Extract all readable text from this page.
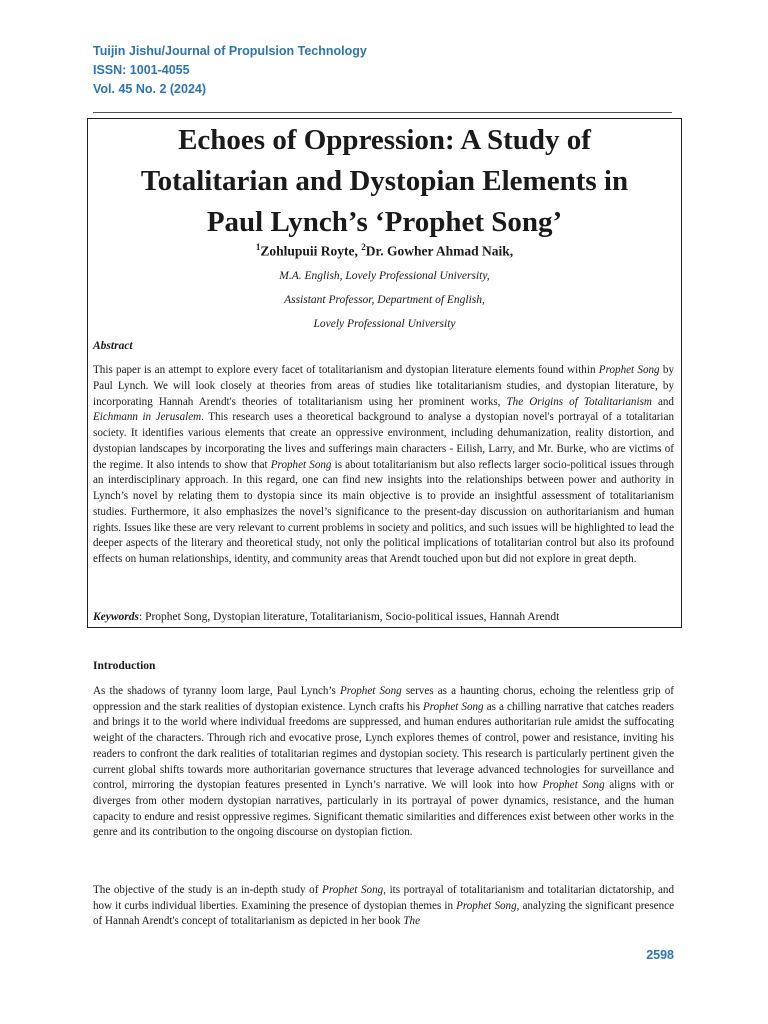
Tuijin Jishu/Journal of Propulsion Technology
ISSN: 1001-4055
Vol. 45 No. 2 (2024)
Echoes of Oppression: A Study of
Totalitarian and Dystopian Elements in
Paul Lynch’s ‘Prophet Song’
$^1$Zohlupuii Royte, $^2$Dr. Gowher Ahmad Naik,
M.A. English, Lovely Professional University,
Assistant Professor, Department of English,
Lovely Professional University
Abstract
This paper is an attempt to explore every facet of totalitarianism and dystopian literature elements found within Prophet Song by Paul Lynch. We will look closely at theories from areas of studies like totalitarianism studies, and dystopian literature, by incorporating Hannah Arendt's theories of totalitarianism using her prominent works, The Origins of Totalitarianism and Eichmann in Jerusalem. This research uses a theoretical background to analyse a dystopian novel's portrayal of a totalitarian society. It identifies various elements that create an oppressive environment, including dehumanization, reality distortion, and dystopian landscapes by incorporating the lives and sufferings main characters - Eilish, Larry, and Mr. Burke, who are victims of the regime. It also intends to show that Prophet Song is about totalitarianism but also reflects larger socio-political issues through an interdisciplinary approach. In this regard, one can find new insights into the relationships between power and authority in Lynch’s novel by relating them to dystopia since its main objective is to provide an insightful assessment of totalitarianism studies. Furthermore, it also emphasizes the novel’s significance to the present-day discussion on authoritarianism and human rights. Issues like these are very relevant to current problems in society and politics, and such issues will be highlighted to lead the deeper aspects of the literary and theoretical study, not only the political implications of totalitarian control but also its profound effects on human relationships, identity, and community areas that Arendt touched upon but did not explore in great depth.
Keywords: Prophet Song, Dystopian literature, Totalitarianism, Socio-political issues, Hannah Arendt
Introduction
As the shadows of tyranny loom large, Paul Lynch’s Prophet Song serves as a haunting chorus, echoing the relentless grip of oppression and the stark realities of dystopian existence. Lynch crafts his Prophet Song as a chilling narrative that catches readers and brings it to the world where individual freedoms are suppressed, and human endures authoritarian rule amidst the suffocating weight of the characters. Through rich and evocative prose, Lynch explores themes of control, power and resistance, inviting his readers to confront the dark realities of totalitarian regimes and dystopian society. This research is particularly pertinent given the current global shifts towards more authoritarian governance structures that leverage advanced technologies for surveillance and control, mirroring the dystopian features presented in Lynch’s narrative. We will look into how Prophet Song aligns with or diverges from other modern dystopian narratives, particularly in its portrayal of power dynamics, resistance, and the human capacity to endure and resist oppressive regimes. Significant thematic similarities and differences exist between other works in the genre and its contribution to the ongoing discourse on dystopian fiction.
The objective of the study is an in-depth study of Prophet Song, its portrayal of totalitarianism and totalitarian dictatorship, and how it curbs individual liberties. Examining the presence of dystopian themes in Prophet Song, analyzing the significant presence of Hannah Arendt's concept of totalitarianism as depicted in her book The
2598
